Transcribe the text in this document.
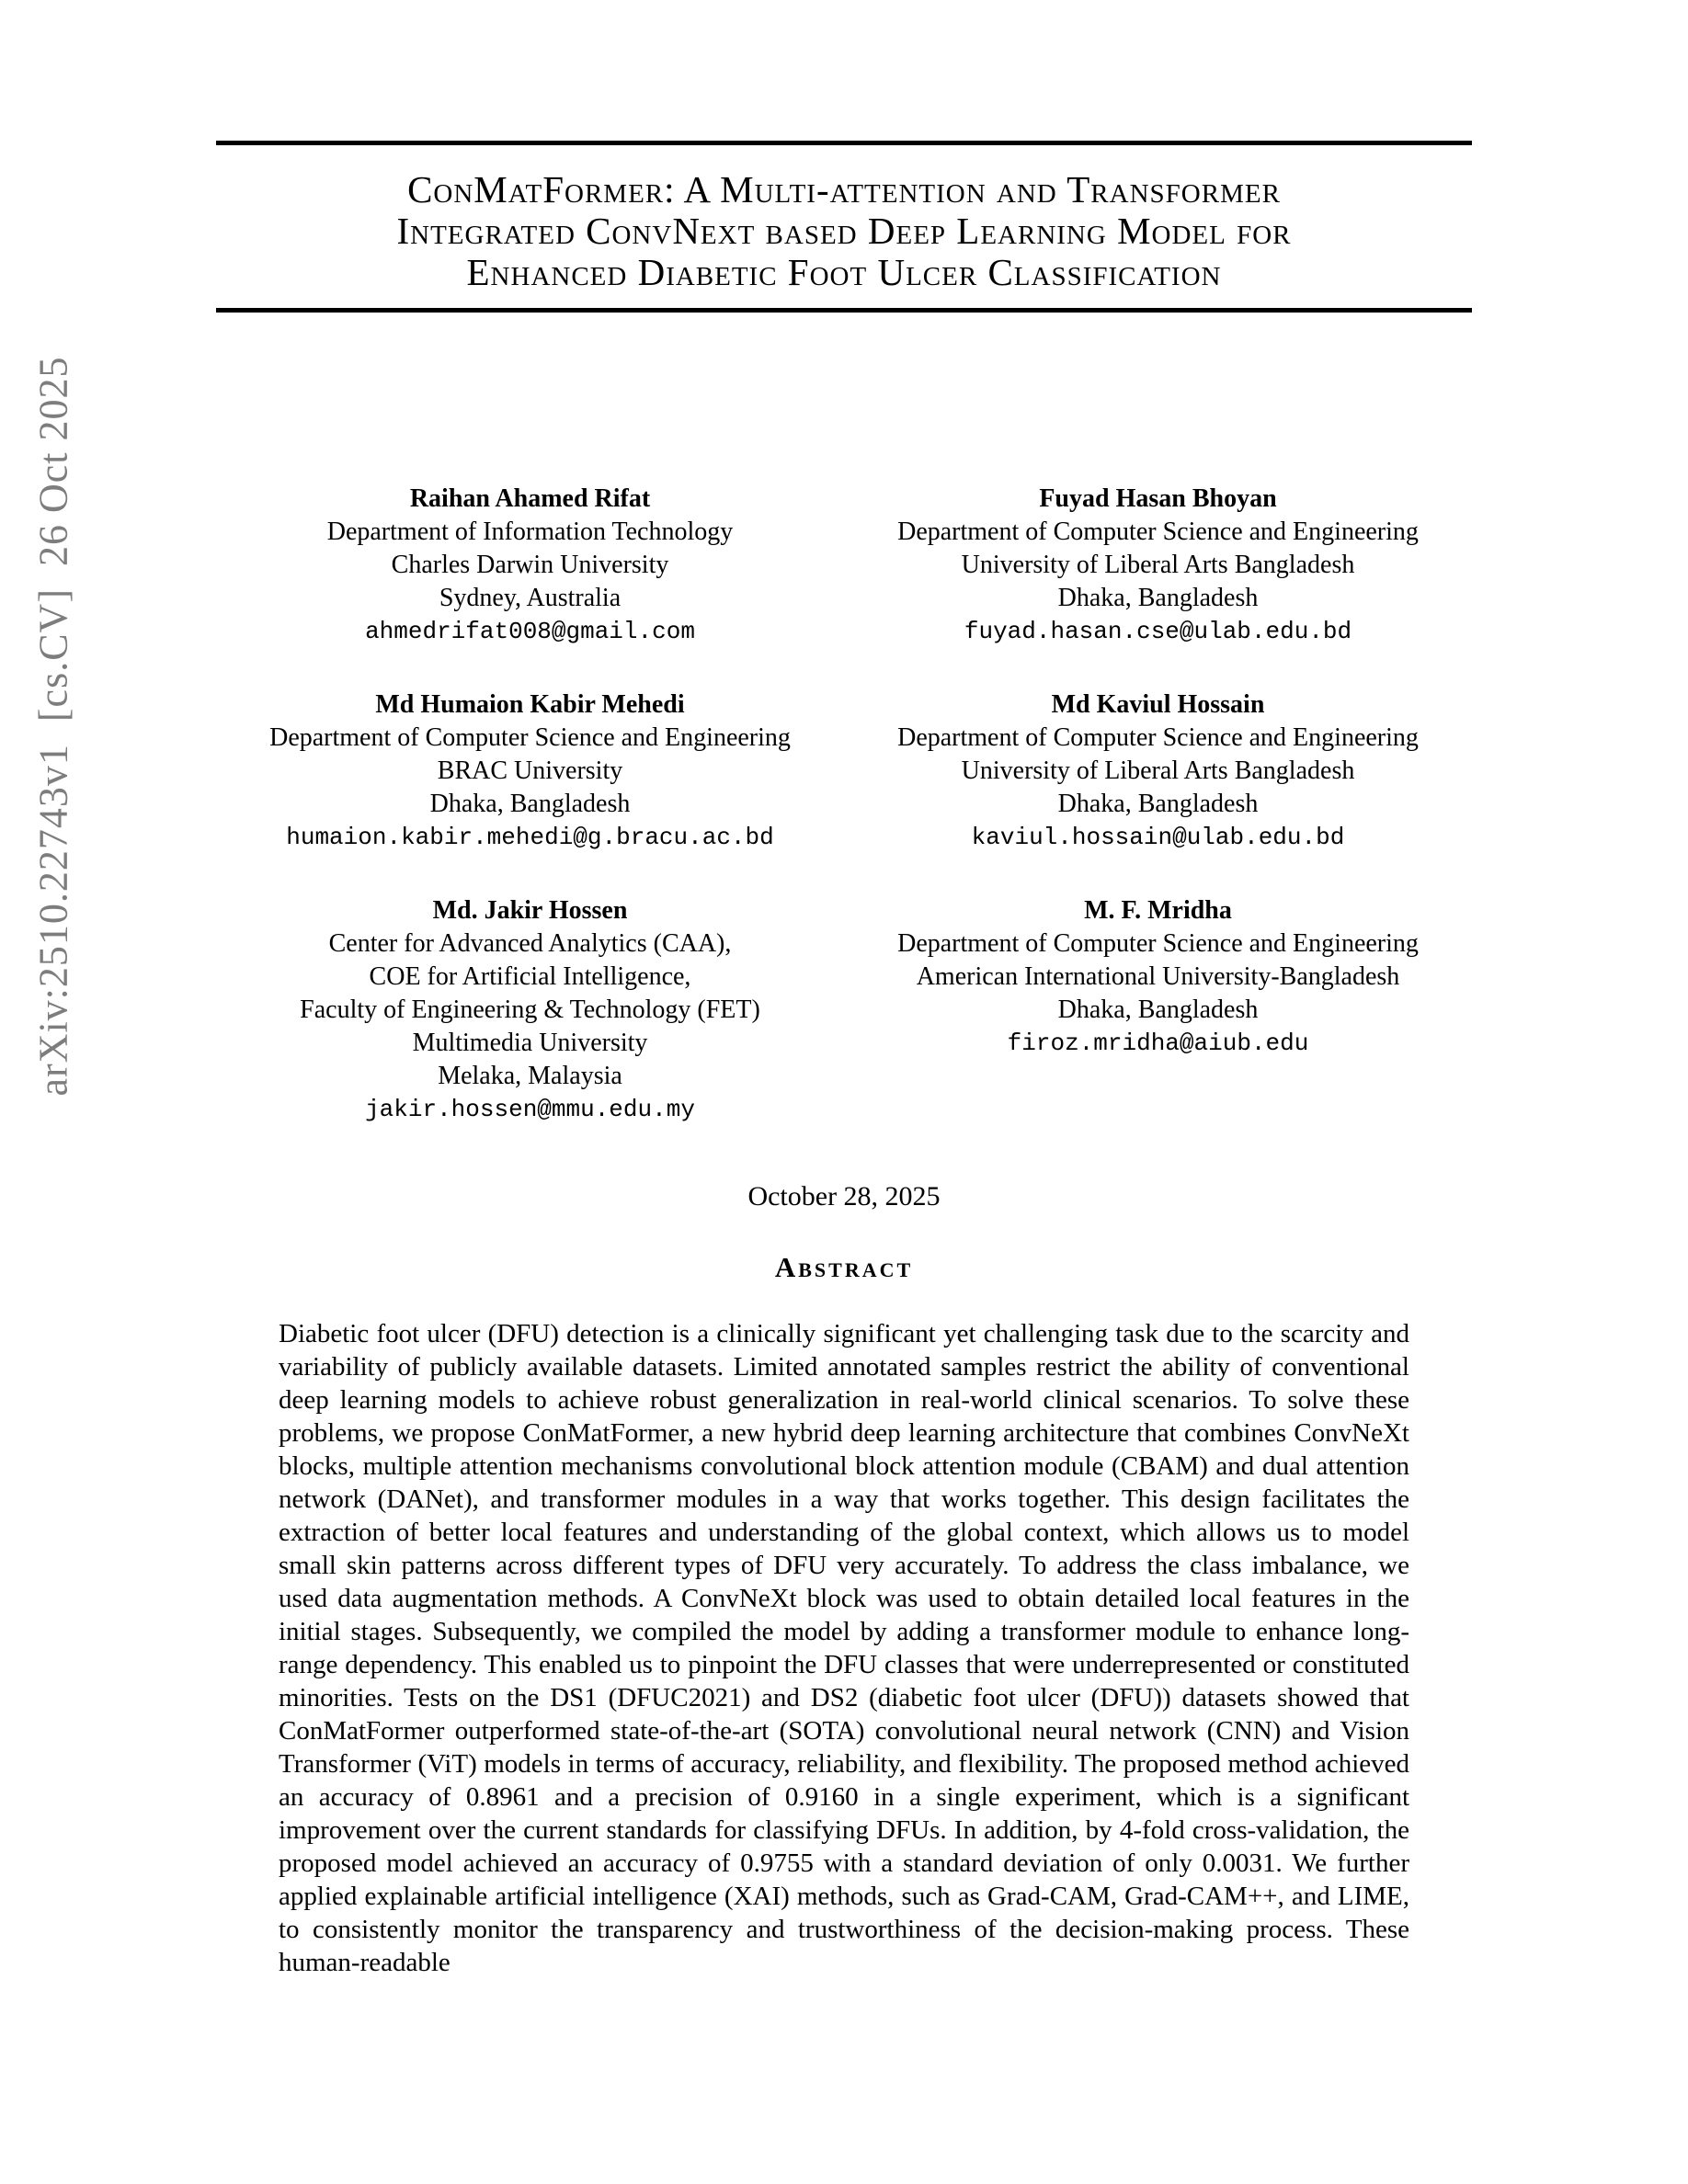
arXiv:2510.22743v1  [cs.CV]  26 Oct 2025
ConMatFormer: A Multi-attention and Transformer
Integrated ConvNext based Deep Learning Model for
Enhanced Diabetic Foot Ulcer Classification
Raihan Ahamed Rifat
Department of Information Technology
Charles Darwin University
Sydney, Australia
ahmedrifat008@gmail.com
Fuyad Hasan Bhoyan
Department of Computer Science and Engineering
University of Liberal Arts Bangladesh
Dhaka, Bangladesh
fuyad.hasan.cse@ulab.edu.bd
Md Humaion Kabir Mehedi
Department of Computer Science and Engineering
BRAC University
Dhaka, Bangladesh
humaion.kabir.mehedi@g.bracu.ac.bd
Md Kaviul Hossain
Department of Computer Science and Engineering
University of Liberal Arts Bangladesh
Dhaka, Bangladesh
kaviul.hossain@ulab.edu.bd
Md. Jakir Hossen
Center for Advanced Analytics (CAA),
COE for Artificial Intelligence,
Faculty of Engineering & Technology (FET)
Multimedia University
Melaka, Malaysia
jakir.hossen@mmu.edu.my
M. F. Mridha
Department of Computer Science and Engineering
American International University-Bangladesh
Dhaka, Bangladesh
firoz.mridha@aiub.edu
October 28, 2025
Abstract

Diabetic foot ulcer (DFU) detection is a clinically significant yet challenging task due to the scarcity and variability of publicly available datasets. Limited annotated samples restrict the ability of conventional deep learning models to achieve robust generalization in real-world clinical scenarios. To solve these problems, we propose ConMatFormer, a new hybrid deep learning architecture that combines ConvNeXt blocks, multiple attention mechanisms convolutional block attention module (CBAM) and dual attention network (DANet), and transformer modules in a way that works together. This design facilitates the extraction of better local features and understanding of the global context, which allows us to model small skin patterns across different types of DFU very accurately. To address the class imbalance, we used data augmentation methods. A ConvNeXt block was used to obtain detailed local features in the initial stages. Subsequently, we compiled the model by adding a transformer module to enhance long-range dependency. This enabled us to pinpoint the DFU classes that were underrepresented or constituted minorities. Tests on the DS1 (DFUC2021) and DS2 (diabetic foot ulcer (DFU)) datasets showed that ConMatFormer outperformed state-of-the-art (SOTA) convolutional neural network (CNN) and Vision Transformer (ViT) models in terms of accuracy, reliability, and flexibility. The proposed method achieved an accuracy of 0.8961 and a precision of 0.9160 in a single experiment, which is a significant improvement over the current standards for classifying DFUs. In addition, by 4-fold cross-validation, the proposed model achieved an accuracy of 0.9755 with a standard deviation of only 0.0031. We further applied explainable artificial intelligence (XAI) methods, such as Grad-CAM, Grad-CAM++, and LIME, to consistently monitor the transparency and trustworthiness of the decision-making process. These human-readable
